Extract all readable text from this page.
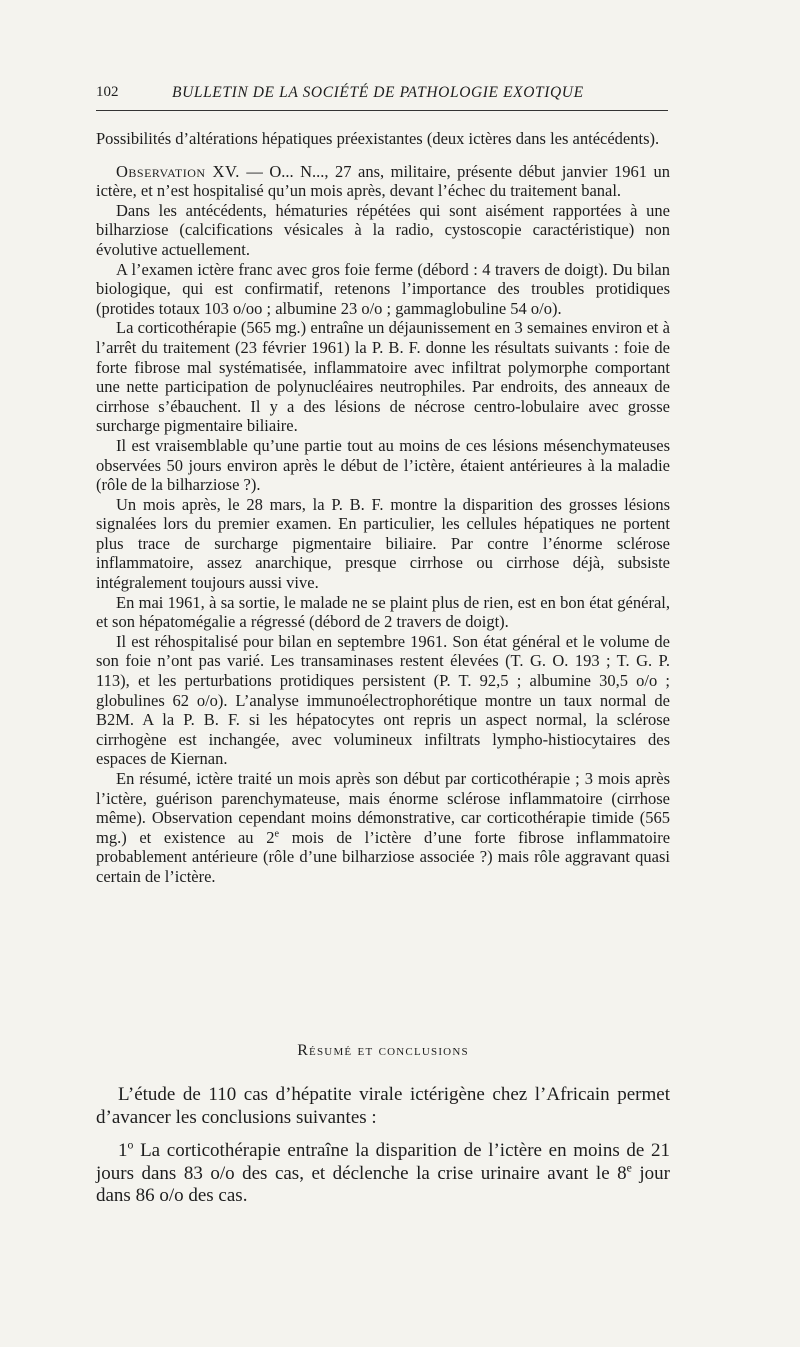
102	BULLETIN DE LA SOCIÉTÉ DE PATHOLOGIE EXOTIQUE

Possibilités d’altérations hépatiques préexistantes (deux ictères dans les antécédents).

Observation XV. — O... N..., 27 ans, militaire, présente début janvier 1961 un ictère, et n’est hospitalisé qu’un mois après, devant l’échec du traitement banal.

Dans les antécédents, hématuries répétées qui sont aisément rapportées à une bilharziose (calcifications vésicales à la radio, cystoscopie caractéristique) non évolutive actuellement.

A l’examen ictère franc avec gros foie ferme (débord : 4 travers de doigt). Du bilan biologique, qui est confirmatif, retenons l’importance des troubles protidiques (protides totaux 103 o/oo ; albumine 23 o/o ; gammaglobuline 54 o/o).

La corticothérapie (565 mg.) entraîne un déjaunissement en 3 semaines environ et à l’arrêt du traitement (23 février 1961) la P. B. F. donne les résultats suivants : foie de forte fibrose mal systématisée, inflammatoire avec infiltrat polymorphe comportant une nette participation de polynucléaires neutrophiles. Par endroits, des anneaux de cirrhose s’ébauchent. Il y a des lésions de nécrose centro-lobulaire avec grosse surcharge pigmentaire biliaire.

Il est vraisemblable qu’une partie tout au moins de ces lésions mésenchymateuses observées 50 jours environ après le début de l’ictère, étaient antérieures à la maladie (rôle de la bilharziose ?).

Un mois après, le 28 mars, la P. B. F. montre la disparition des grosses lésions signalées lors du premier examen. En particulier, les cellules hépatiques ne portent plus trace de surcharge pigmentaire biliaire. Par contre l’énorme sclérose inflammatoire, assez anarchique, presque cirrhose ou cirrhose déjà, subsiste intégralement toujours aussi vive.

En mai 1961, à sa sortie, le malade ne se plaint plus de rien, est en bon état général, et son hépatomégalie a régressé (débord de 2 travers de doigt).

Il est réhospitalisé pour bilan en septembre 1961. Son état général et le volume de son foie n’ont pas varié. Les transaminases restent élevées (T. G. O. 193 ; T. G. P. 113), et les perturbations protidiques persistent (P. T. 92,5 ; albumine 30,5 o/o ; globulines 62 o/o). L’analyse immunoélectrophorétique montre un taux normal de B2M. A la P. B. F. si les hépatocytes ont repris un aspect normal, la sclérose cirrhogène est inchangée, avec volumineux infiltrats lympho-histiocytaires des espaces de Kiernan.

En résumé, ictère traité un mois après son début par corticothérapie ; 3 mois après l’ictère, guérison parenchymateuse, mais énorme sclérose inflammatoire (cirrhose même). Observation cependant moins démonstrative, car corticothérapie timide (565 mg.) et existence au 2e mois de l’ictère d’une forte fibrose inflammatoire probablement antérieure (rôle d’une bilharziose associée ?) mais rôle aggravant quasi certain de l’ictère.

Résumé et conclusions

L’étude de 110 cas d’hépatite virale ictérigène chez l’Africain permet d’avancer les conclusions suivantes :

1$^o$ La corticothérapie entraîne la disparition de l’ictère en moins de 21 jours dans 83 o/o des cas, et déclenche la crise urinaire avant le 8e jour dans 86 o/o des cas.
